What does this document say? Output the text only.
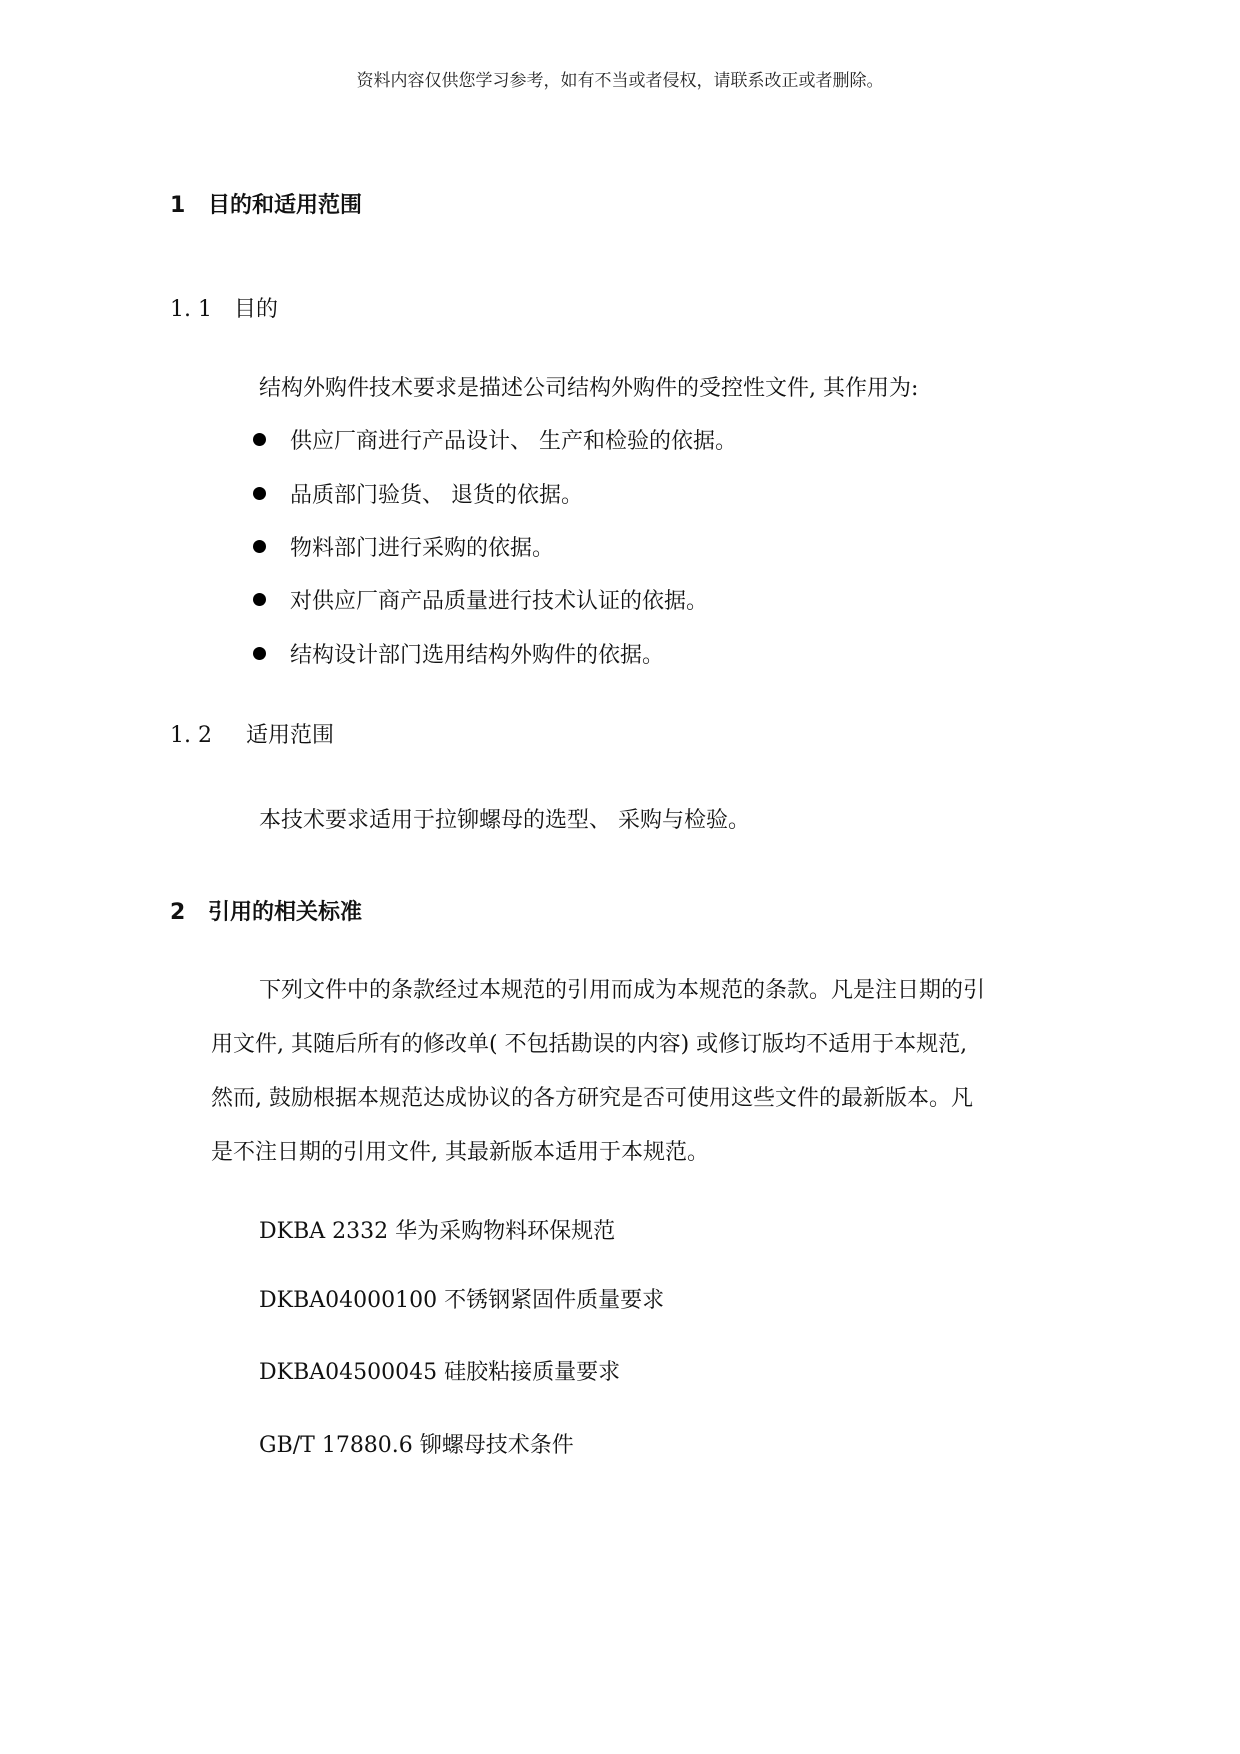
资料内容仅供您学习参考，如有不当或者侵权，请联系改正或者删除。
1 目的和适用范围
1. 1 目的
结构外购件技术要求是描述公司结构外购件的受控性文件, 其作用为:
供应厂商进行产品设计、 生产和检验的依据。
品质部门验货、 退货的依据。
物料部门进行采购的依据。
对供应厂商产品质量进行技术认证的依据。
结构设计部门选用结构外购件的依据。
1. 2 适用范围
本技术要求适用于拉铆螺母的选型、 采购与检验。
2 引用的相关标准
下列文件中的条款经过本规范的引用而成为本规范的条款。凡是注日期的引
用文件, 其随后所有的修改单( 不包括勘误的内容) 或修订版均不适用于本规范,
然而, 鼓励根据本规范达成协议的各方研究是否可使用这些文件的最新版本。凡
是不注日期的引用文件, 其最新版本适用于本规范。
DKBA 2332 华为采购物料环保规范
DKBA04000100 不锈钢紧固件质量要求
DKBA04500045 硅胶粘接质量要求
GB/T 17880.6 铆螺母技术条件
